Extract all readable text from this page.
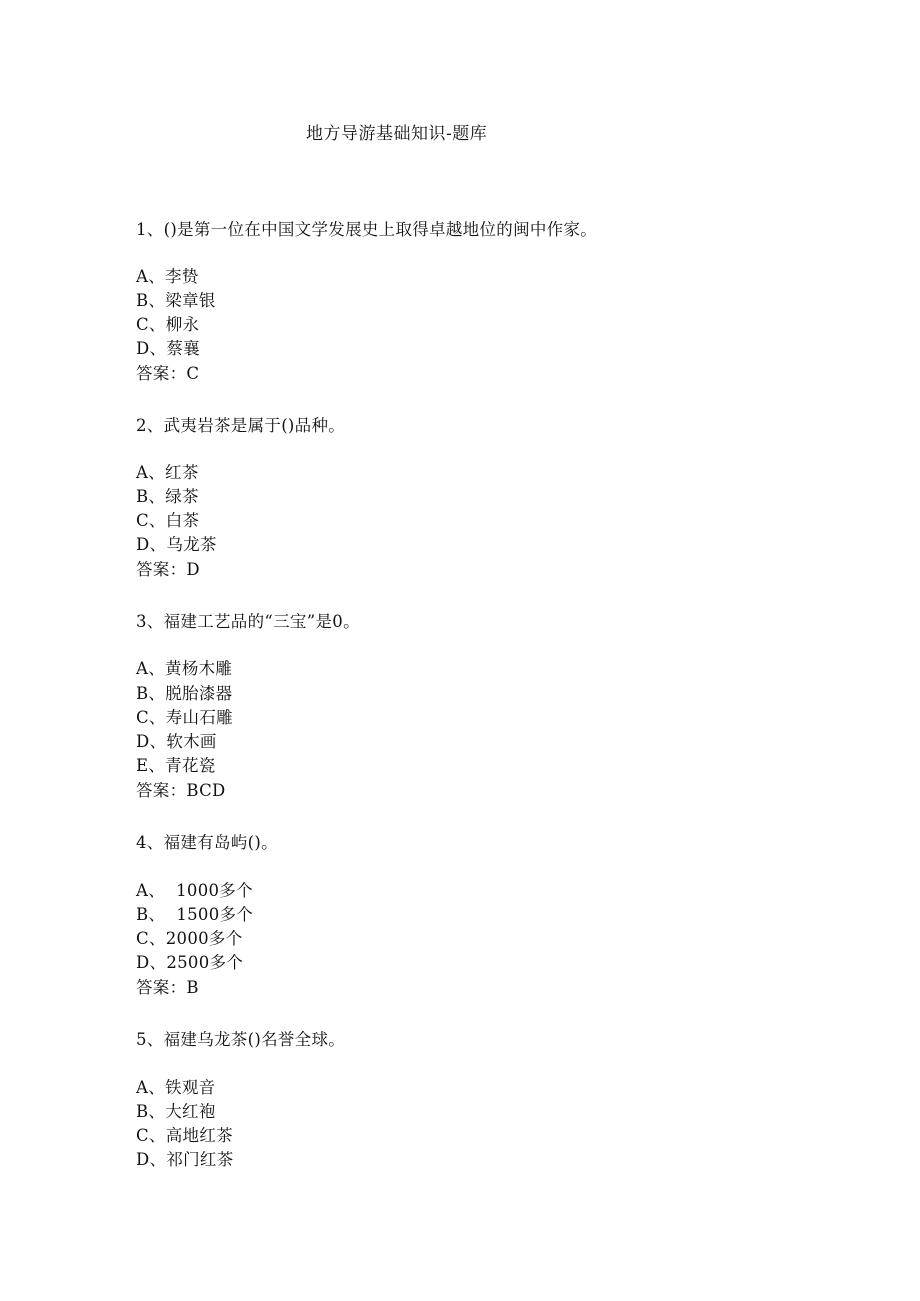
地方导游基础知识-题库
1、()是第一位在中国文学发展史上取得卓越地位的闽中作家。
A、李贽
B、梁章银
C、柳永
D、蔡襄
答案：C
2、武夷岩茶是属于()品种。
A、红茶
B、绿茶
C、白茶
D、乌龙茶
答案：D
3、福建工艺品的“三宝”是0。
A、黄杨木雕
B、脱胎漆器
C、寿山石雕
D、软木画
E、青花瓷
答案：BCD
4、福建有岛屿()。
A、  1000多个
B、  1500多个
C、2000多个
D、2500多个
答案：B
5、福建乌龙茶()名誉全球。
A、铁观音
B、大红袍
C、高地红茶
D、祁门红茶
